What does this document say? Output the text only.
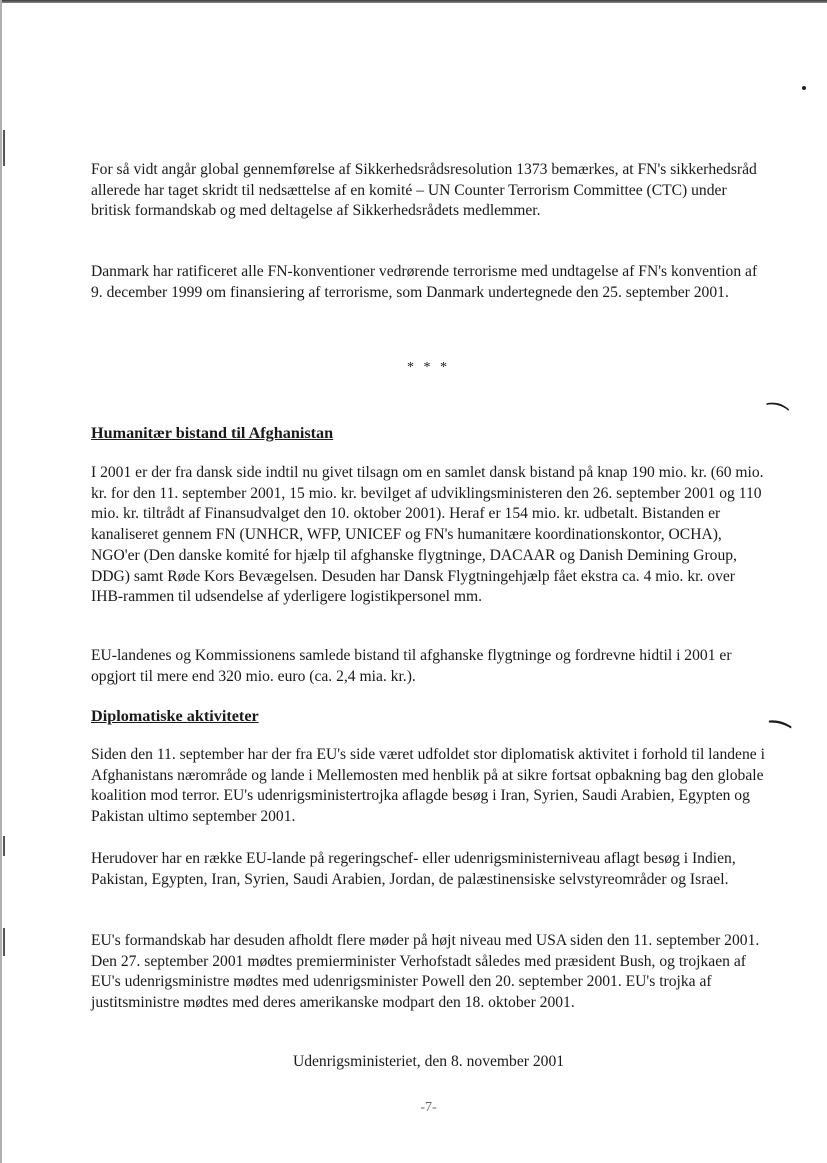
⁀
⁀

For så vidt angår global gennemførelse af Sikkerhedsrådsresolution 1373 bemærkes, at FN's sikkerhedsråd allerede har taget skridt til nedsættelse af en komité – UN Counter Terrorism Committee (CTC) under britisk formandskab og med deltagelse af Sikkerhedsrådets medlemmer.

Danmark har ratificeret alle FN-konventioner vedrørende terrorisme med undtagelse af FN's konvention af 9. december 1999 om finansiering af terrorisme, som Danmark undertegnede den 25. september 2001.

* * *
Humanitær bistand til Afghanistan

I 2001 er der fra dansk side indtil nu givet tilsagn om en samlet dansk bistand på knap 190 mio. kr. (60 mio. kr. for den 11. september 2001, 15 mio. kr. bevilget af udviklingsministeren den 26. september 2001 og 110 mio. kr. tiltrådt af Finansudvalget den 10. oktober 2001). Heraf er 154 mio. kr. udbetalt. Bistanden er kanaliseret gennem FN (UNHCR, WFP, UNICEF og FN's humanitære koordinationskontor, OCHA), NGO'er (Den danske komité for hjælp til afghanske flygtninge, DACAAR og Danish Demining Group, DDG) samt Røde Kors Bevægelsen. Desuden har Dansk Flygtningehjælp fået ekstra ca. 4 mio. kr. over IHB-rammen til udsendelse af yderligere logistikpersonel mm.

EU-landenes og Kommissionens samlede bistand til afghanske flygtninge og fordrevne hidtil i 2001 er opgjort til mere end 320 mio. euro (ca. 2,4 mia. kr.).

Diplomatiske aktiviteter

Siden den 11. september har der fra EU's side været udfoldet stor diplomatisk aktivitet i forhold til landene i Afghanistans nærområde og lande i Mellemosten med henblik på at sikre fortsat opbakning bag den globale koalition mod terror. EU's udenrigsministertrojka aflagde besøg i Iran, Syrien, Saudi Arabien, Egypten og Pakistan ultimo september 2001.

Herudover har en række EU-lande på regeringschef- eller udenrigsministerniveau aflagt besøg i Indien, Pakistan, Egypten, Iran, Syrien, Saudi Arabien, Jordan, de palæstinensiske selvstyreområder og Israel.

EU's formandskab har desuden afholdt flere møder på højt niveau med USA siden den 11. september 2001. Den 27. september 2001 mødtes premierminister Verhofstadt således med præsident Bush, og trojkaen af EU's udenrigsministre mødtes med udenrigsminister Powell den 20. september 2001. EU's trojka af justitsministre mødtes med deres amerikanske modpart den 18. oktober 2001.

Udenrigsministeriet, den 8. november 2001
-7-
